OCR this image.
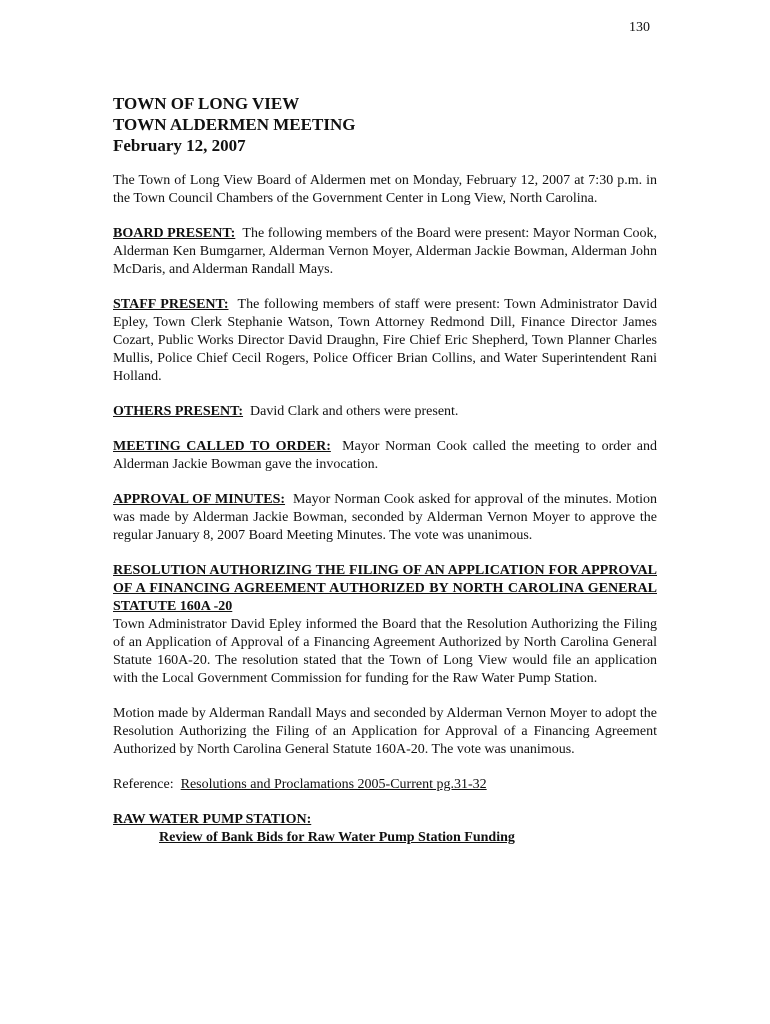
130
TOWN OF LONG VIEW
TOWN ALDERMEN MEETING
February 12, 2007

The Town of Long View Board of Aldermen met on Monday, February 12, 2007 at 7:30 p.m. in the Town Council Chambers of the Government Center in Long View, North Carolina.

BOARD PRESENT: The following members of the Board were present: Mayor Norman Cook, Alderman Ken Bumgarner, Alderman Vernon Moyer, Alderman Jackie Bowman, Alderman John McDaris, and Alderman Randall Mays.

STAFF PRESENT: The following members of staff were present: Town Administrator David Epley, Town Clerk Stephanie Watson, Town Attorney Redmond Dill, Finance Director James Cozart, Public Works Director David Draughn, Fire Chief Eric Shepherd, Town Planner Charles Mullis, Police Chief Cecil Rogers, Police Officer Brian Collins, and Water Superintendent Rani Holland.

OTHERS PRESENT: David Clark and others were present.

MEETING CALLED TO ORDER: Mayor Norman Cook called the meeting to order and Alderman Jackie Bowman gave the invocation.

APPROVAL OF MINUTES: Mayor Norman Cook asked for approval of the minutes. Motion was made by Alderman Jackie Bowman, seconded by Alderman Vernon Moyer to approve the regular January 8, 2007 Board Meeting Minutes. The vote was unanimous.

RESOLUTION AUTHORIZING THE FILING OF AN APPLICATION FOR APPROVAL OF A FINANCING AGREEMENT AUTHORIZED BY NORTH CAROLINA GENERAL STATUTE 160A -20

Town Administrator David Epley informed the Board that the Resolution Authorizing the Filing of an Application of Approval of a Financing Agreement Authorized by North Carolina General Statute 160A-20. The resolution stated that the Town of Long View would file an application with the Local Government Commission for funding for the Raw Water Pump Station.

Motion made by Alderman Randall Mays and seconded by Alderman Vernon Moyer to adopt the Resolution Authorizing the Filing of an Application for Approval of a Financing Agreement Authorized by North Carolina General Statute 160A-20. The vote was unanimous.

Reference: Resolutions and Proclamations 2005-Current pg.31-32

RAW WATER PUMP STATION:
Review of Bank Bids for Raw Water Pump Station Funding
